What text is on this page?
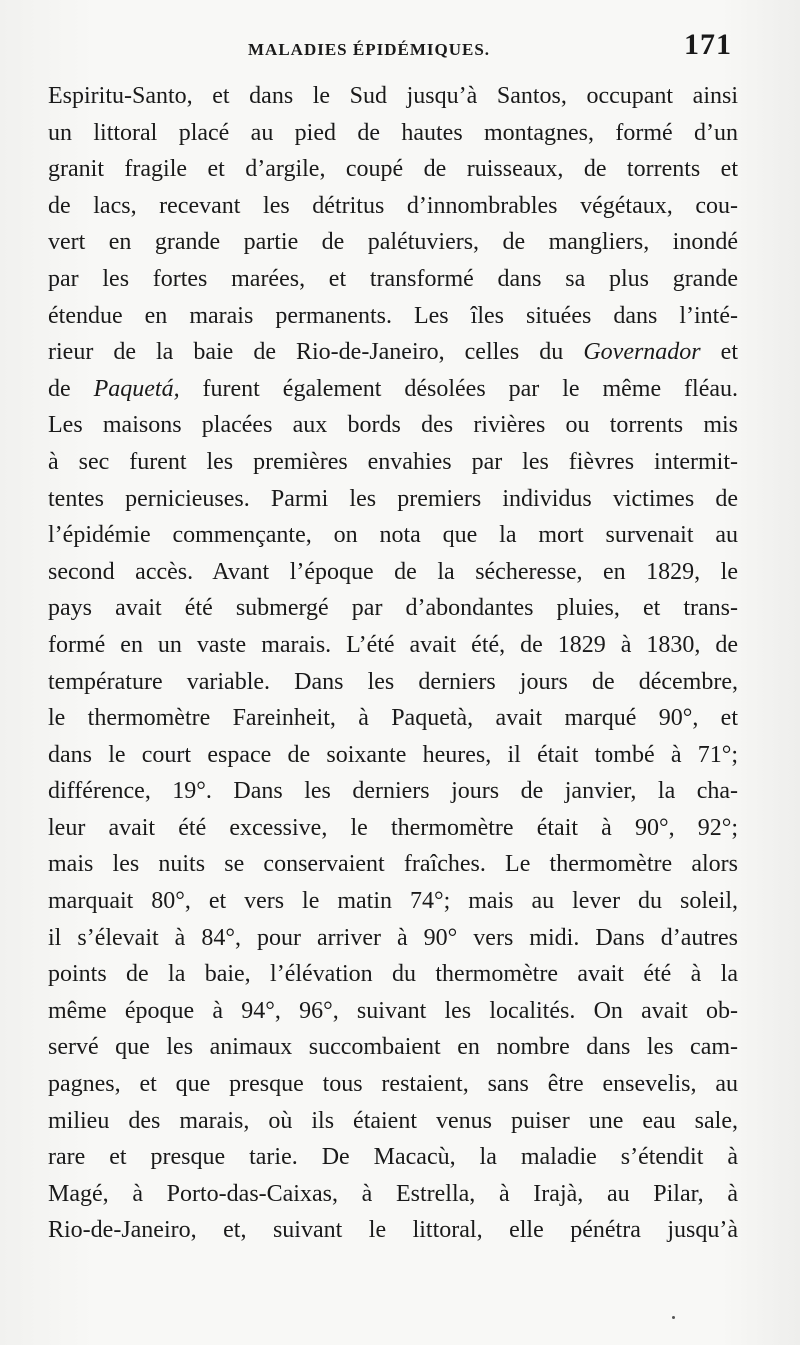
MALADIES ÉPIDÉMIQUES.	171
Espiritu-Santo, et dans le Sud jusqu’à Santos, occupant ainsi
un littoral placé au pied de hautes montagnes, formé d’un
granit fragile et d’argile, coupé de ruisseaux, de torrents et
de lacs, recevant les détritus d’innombrables végétaux, cou-
vert en grande partie de palétuviers, de mangliers, inondé
par les fortes marées, et transformé dans sa plus grande
étendue en marais permanents. Les îles situées dans l’inté-
rieur de la baie de Rio-de-Janeiro, celles du Governador et
de Paquetá, furent également désolées par le même fléau.
Les maisons placées aux bords des rivières ou torrents mis
à sec furent les premières envahies par les fièvres intermit-
tentes pernicieuses. Parmi les premiers individus victimes de
l’épidémie commençante, on nota que la mort survenait au
second accès. Avant l’époque de la sécheresse, en 1829, le
pays avait été submergé par d’abondantes pluies, et trans-
formé en un vaste marais. L’été avait été, de 1829 à 1830, de
température variable. Dans les derniers jours de décembre,
le thermomètre Fareinheit, à Paquetà, avait marqué 90°, et
dans le court espace de soixante heures, il était tombé à 71°;
différence, 19°. Dans les derniers jours de janvier, la cha-
leur avait été excessive, le thermomètre était à 90°, 92°;
mais les nuits se conservaient fraîches. Le thermomètre alors
marquait 80°, et vers le matin 74°; mais au lever du soleil,
il s’élevait à 84°, pour arriver à 90° vers midi. Dans d’autres
points de la baie, l’élévation du thermomètre avait été à la
même époque à 94°, 96°, suivant les localités. On avait ob-
servé que les animaux succombaient en nombre dans les cam-
pagnes, et que presque tous restaient, sans être ensevelis, au
milieu des marais, où ils étaient venus puiser une eau sale,
rare et presque tarie. De Macacù, la maladie s’étendit à
Magé, à Porto-das-Caixas, à Estrella, à Irajà, au Pilar, à
Rio-de-Janeiro, et, suivant le littoral, elle pénétra jusqu’à
